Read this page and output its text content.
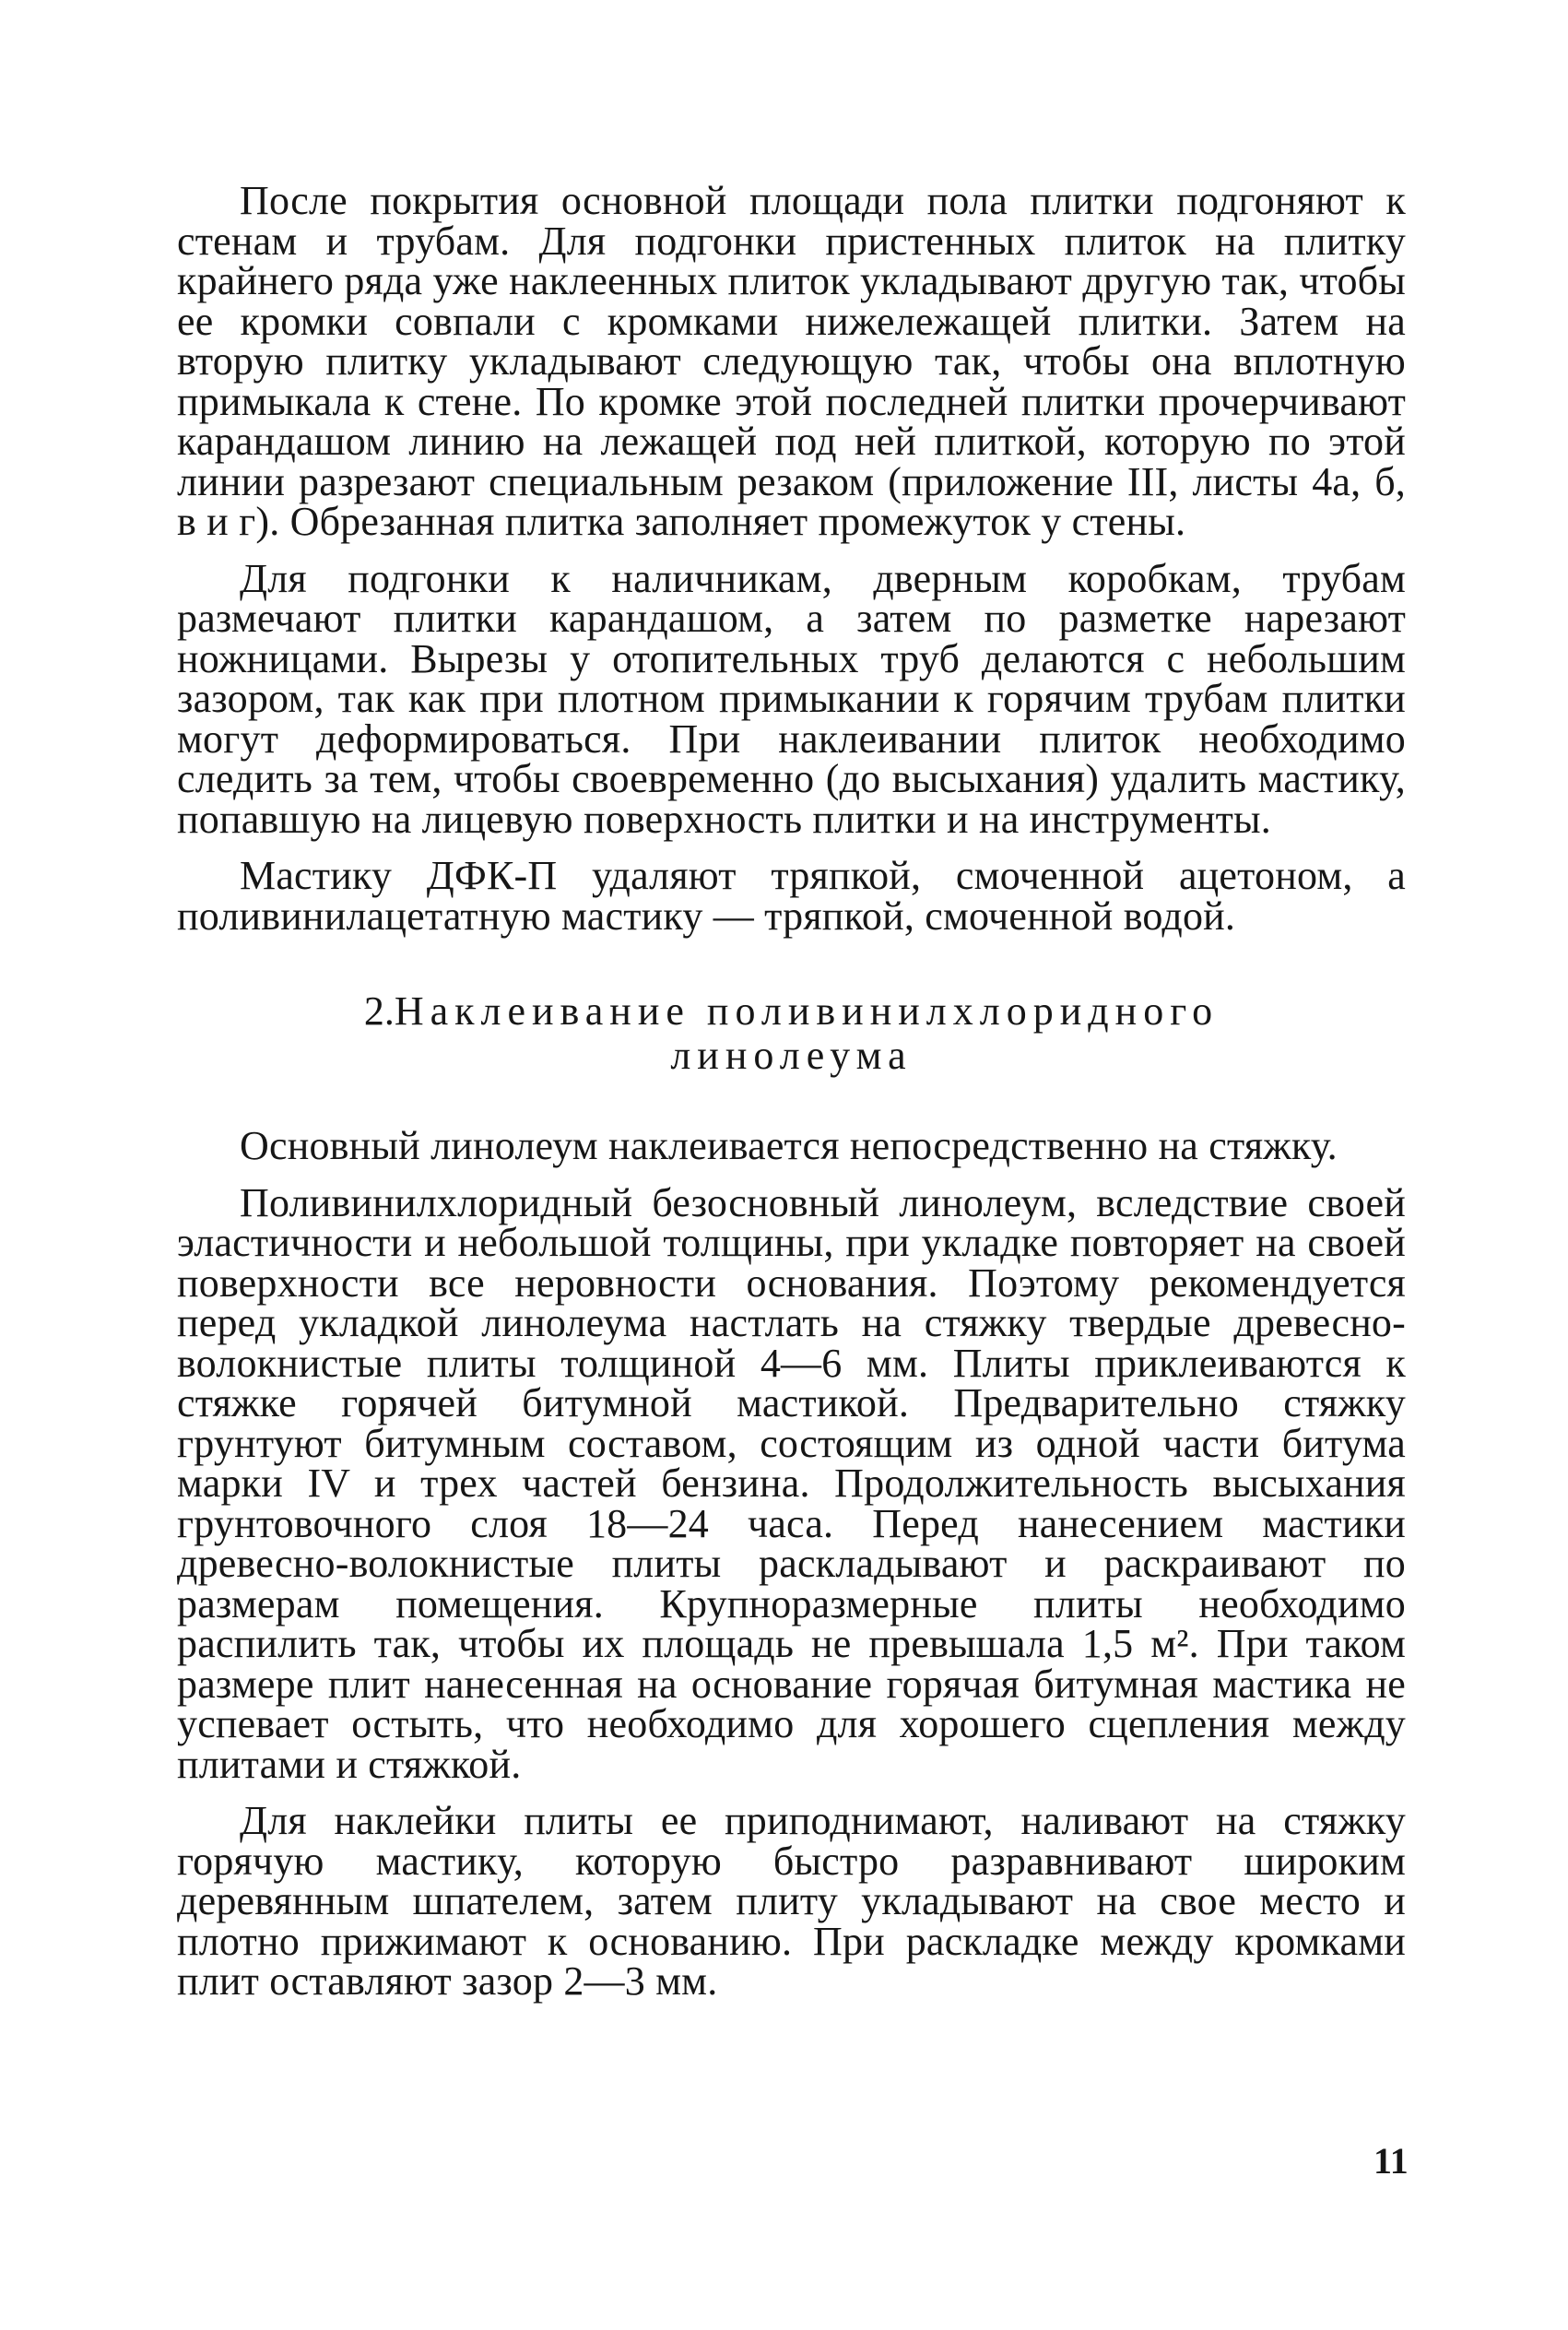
После покрытия основной площади пола плитки подгоняют к стенам и трубам. Для подгонки пристенных плиток на плитку крайнего ряда уже наклеенных плиток укладывают другую так, чтобы ее кромки совпали с кромками нижележащей плитки. Затем на вторую плитку укладывают следующую так, чтобы она вплотную примыкала к стене. По кромке этой последней плитки прочерчивают карандашом линию на лежащей под ней плиткой, которую по этой линии разрезают специальным резаком (приложение III, листы 4а, б, в и г). Обрезанная плитка заполняет промежуток у стены.

Для подгонки к наличникам, дверным коробкам, трубам размечают плитки карандашом, а затем по разметке нарезают ножницами. Вырезы у отопительных труб делаются с небольшим зазором, так как при плотном примыкании к горячим трубам плитки могут деформироваться. При наклеивании плиток необходимо следить за тем, чтобы своевременно (до высыхания) удалить мастику, попавшую на лицевую поверхность плитки и на инструменты.

Мастику ДФК-П удаляют тряпкой, смоченной ацетоном, а поливинилацетатную мастику — тряпкой, смоченной водой.

2.Наклеивание поливинилхлоридного
линолеума

Основный линолеум наклеивается непосредственно на стяжку.

Поливинилхлоридный безосновный линолеум, вследствие своей эластичности и небольшой толщины, при укладке повторяет на своей поверхности все неровности основания. Поэтому рекомендуется перед укладкой линолеума настлать на стяжку твердые древесно-волокнистые плиты толщиной 4—6 мм. Плиты приклеиваются к стяжке горячей битумной мастикой. Предварительно стяжку грунтуют битумным составом, состоящим из одной части битума марки IV и трех частей бензина. Продолжительность высыхания грунтовочного слоя 18—24 часа. Перед нанесением мастики древесно-волокнистые плиты раскладывают и раскраивают по размерам помещения. Крупноразмерные плиты необходимо распилить так, чтобы их площадь не превышала 1,5 м². При таком размере плит нанесенная на основание горячая битумная мастика не успевает остыть, что необходимо для хорошего сцепления между плитами и стяжкой.

Для наклейки плиты ее приподнимают, наливают на стяжку горячую мастику, которую быстро разравнивают широким деревянным шпателем, затем плиту укладывают на свое место и плотно прижимают к основанию. При раскладке между кромками плит оставляют зазор 2—3 мм.

11
